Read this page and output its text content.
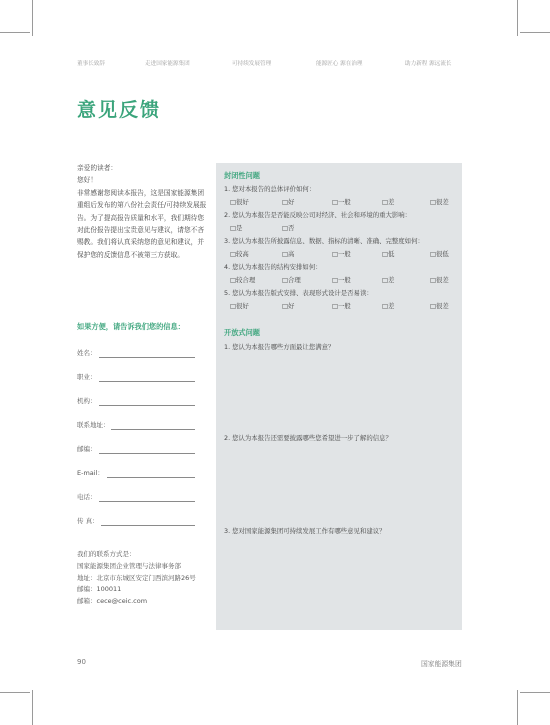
董事长致辞	走进国家能源集团	可持续发展管理	能源匠心 源在治理	助力新程 源远流长
意见反馈
亲爱的读者：
您好！
非常感谢您阅读本报告，这是国家能源集团重组后发布的第八份社会责任/可持续发展报告。为了提高报告质量和水平，我们期待您对此份报告提出宝贵意见与建议，请您不吝赐教。我们将认真采纳您的意见和建议，并保护您的反馈信息不被第三方获取。
如果方便，请告诉我们您的信息：
姓名：
职业：
机构：
联系地址：
邮编：
E-mail：
电话：
传 真：
我们的联系方式是：
国家能源集团企业管理与法律事务部
地址：北京市东城区安定门西滨河路26号
邮编：100011
邮箱：cece@ceic.com
封闭性问题
1. 您对本报告的总体评价如何：
□很好	□好	□一般	□差	□很差
2. 您认为本报告是否能反映公司对经济、社会和环境的重大影响：
□是	□否
3. 您认为本报告所披露信息、数据、指标的清晰、准确、完整度如何：
□较高	□高	□一般	□低	□很低
4. 您认为本报告的结构安排如何：
□较合理	□合理	□一般	□差	□很差
5. 您认为本报告版式安排、表现形式设计是否易读：
□很好	□好	□一般	□差	□很差
开放式问题
1. 您认为本报告哪些方面最让您满意？
2. 您认为本报告还需要披露哪些您希望进一步了解的信息？
3. 您对国家能源集团可持续发展工作有哪些意见和建议？
90	国家能源集团
